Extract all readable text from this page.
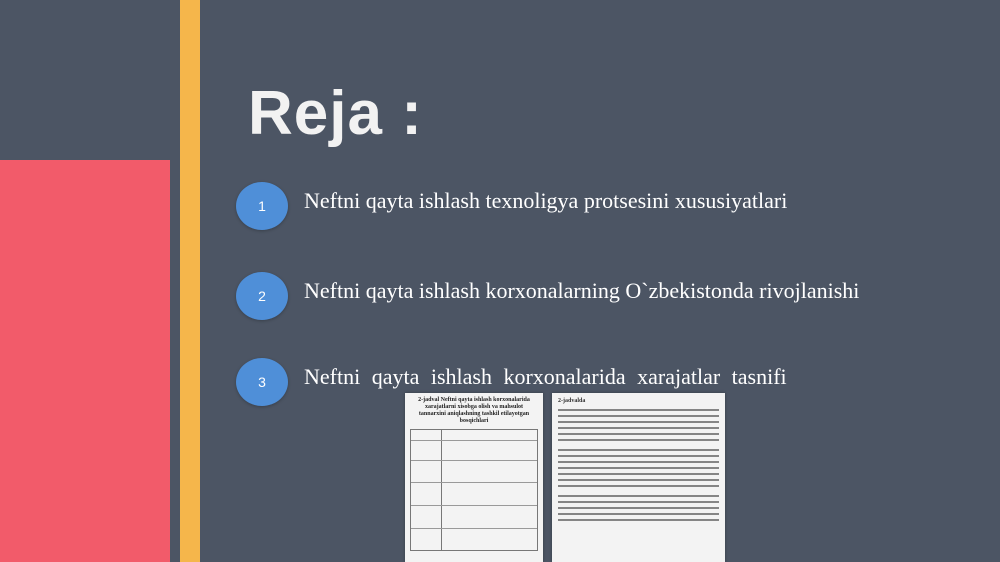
Reja :
1	Neftni qayta ishlash texnoligya protsesini xususiyatlari
2	Neftni qayta ishlash korxonalarning O`zbekistonda rivojlanishi
3	Neftni qayta ishlash korxonalarida xarajatlar tasnifi
2-jadval Neftni qayta ishlash korxonalarida xarajatlarni xisobga olish va mahsulot tannarxini aniqlashning tashkil etilayotgan bosqichlari
2-jadvalda
